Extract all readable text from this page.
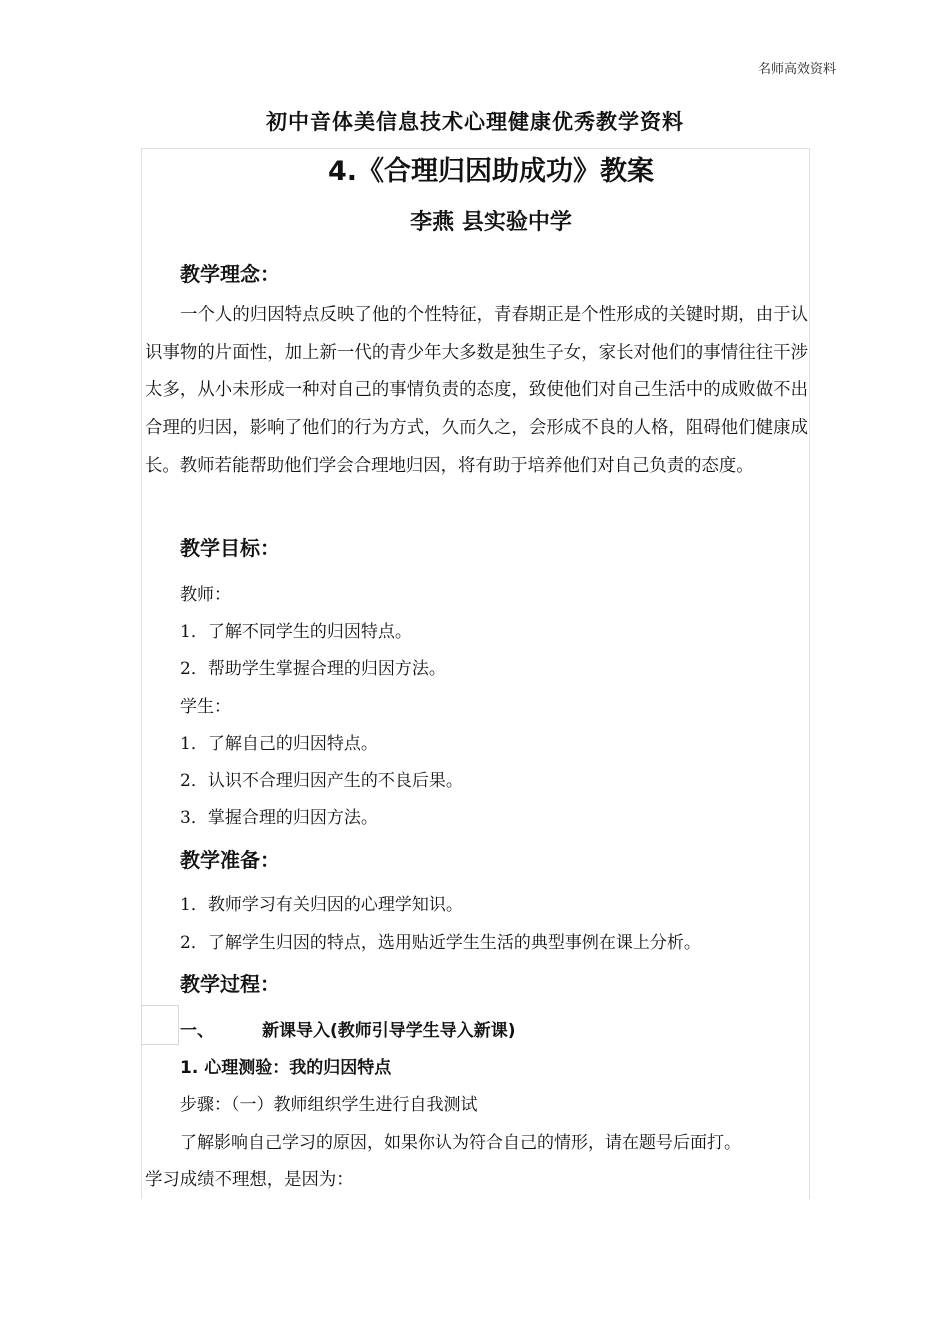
名师高效资料
初中音体美信息技术心理健康优秀教学资料
4.《合理归因助成功》教案
李燕 县实验中学
教学理念：
一个人的归因特点反映了他的个性特征，青春期正是个性形成的关键时期，由于认识事物的片面性，加上新一代的青少年大多数是独生子女，家长对他们的事情往往干涉太多，从小未形成一种对自己的事情负责的态度，致使他们对自己生活中的成败做不出合理的归因，影响了他们的行为方式，久而久之，会形成不良的人格，阻碍他们健康成长。教师若能帮助他们学会合理地归因，将有助于培养他们对自己负责的态度。
教学目标：
教师：
1．了解不同学生的归因特点。
2．帮助学生掌握合理的归因方法。
学生：
1．了解自己的归因特点。
2．认识不合理归因产生的不良后果。
3．掌握合理的归因方法。
教学准备：
1．教师学习有关归因的心理学知识。
2．了解学生归因的特点，选用贴近学生生活的典型事例在课上分析。
教学过程：
一、	新课导入(教师引导学生导入新课)
1. 心理测验：我的归因特点
步骤：（一）教师组织学生进行自我测试
了解影响自己学习的原因，如果你认为符合自己的情形，请在题号后面打。
学习成绩不理想，是因为：
